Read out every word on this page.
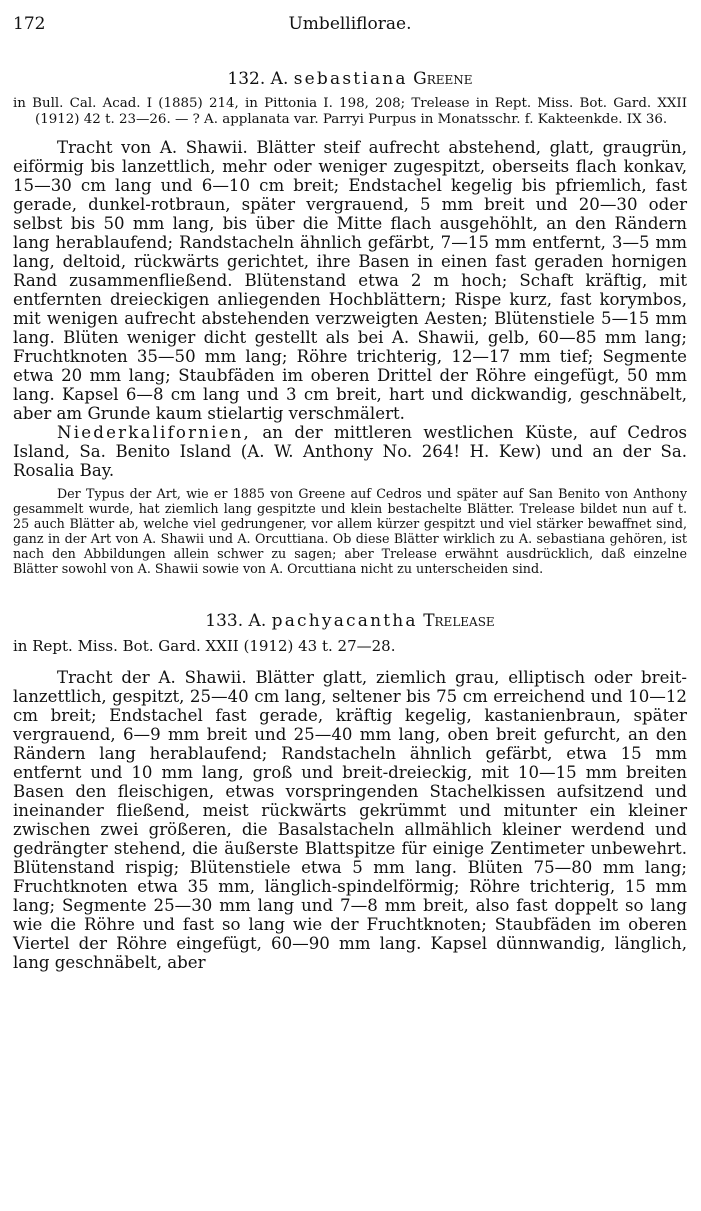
172	Umbelliflorae.
132. A. sebastiana Greene

in Bull. Cal. Acad. I (1885) 214, in Pittonia I. 198, 208; Trelease in Rept. Miss. Bot. Gard. XXII (1912) 42 t. 23—26. — ? A. applanata var. Parryi Purpus in Monatsschr. f. Kakteenkde. IX 36.

Tracht von A. Shawii. Blätter steif aufrecht abstehend, glatt, graugrün, eiförmig bis lanzettlich, mehr oder weniger zugespitzt, oberseits flach konkav, 15—30 cm lang und 6—10 cm breit; Endstachel kegelig bis pfriemlich, fast gerade, dunkel-rotbraun, später vergrauend, 5 mm breit und 20—30 oder selbst bis 50 mm lang, bis über die Mitte flach ausgehöhlt, an den Rändern lang herablaufend; Randstacheln ähnlich gefärbt, 7—15 mm entfernt, 3—5 mm lang, deltoid, rückwärts gerichtet, ihre Basen in einen fast geraden hornigen Rand zusammenfließend. Blütenstand etwa 2 m hoch; Schaft kräftig, mit entfernten dreieckigen anliegenden Hochblättern; Rispe kurz, fast korymbos, mit wenigen aufrecht abstehenden verzweigten Aesten; Blütenstiele 5—15 mm lang. Blüten weniger dicht gestellt als bei A. Shawii, gelb, 60—85 mm lang; Fruchtknoten 35—50 mm lang; Röhre trichterig, 12—17 mm tief; Segmente etwa 20 mm lang; Staubfäden im oberen Drittel der Röhre eingefügt, 50 mm lang. Kapsel 6—8 cm lang und 3 cm breit, hart und dickwandig, geschnäbelt, aber am Grunde kaum stielartig verschmälert.

Niederkalifornien, an der mittleren westlichen Küste, auf Cedros Island, Sa. Benito Island (A. W. Anthony No. 264! H. Kew) und an der Sa. Rosalia Bay.

Der Typus der Art, wie er 1885 von Greene auf Cedros und später auf San Benito von Anthony gesammelt wurde, hat ziemlich lang gespitzte und klein bestachelte Blätter. Trelease bildet nun auf t. 25 auch Blätter ab, welche viel gedrungener, vor allem kürzer gespitzt und viel stärker bewaffnet sind, ganz in der Art von A. Shawii und A. Orcuttiana. Ob diese Blätter wirklich zu A. sebastiana gehören, ist nach den Abbildungen allein schwer zu sagen; aber Trelease erwähnt ausdrücklich, daß einzelne Blätter sowohl von A. Shawii sowie von A. Orcuttiana nicht zu unterscheiden sind.

133. A. pachyacantha Trelease

in Rept. Miss. Bot. Gard. XXII (1912) 43 t. 27—28.

Tracht der A. Shawii. Blätter glatt, ziemlich grau, elliptisch oder breit-lanzettlich, gespitzt, 25—40 cm lang, seltener bis 75 cm erreichend und 10—12 cm breit; Endstachel fast gerade, kräftig kegelig, kastanienbraun, später vergrauend, 6—9 mm breit und 25—40 mm lang, oben breit gefurcht, an den Rändern lang herablaufend; Randstacheln ähnlich gefärbt, etwa 15 mm entfernt und 10 mm lang, groß und breit-dreieckig, mit 10—15 mm breiten Basen den fleischigen, etwas vorspringenden Stachelkissen aufsitzend und ineinander fließend, meist rückwärts gekrümmt und mitunter ein kleiner zwischen zwei größeren, die Basalstacheln allmählich kleiner werdend und gedrängter stehend, die äußerste Blattspitze für einige Zentimeter unbewehrt. Blütenstand rispig; Blütenstiele etwa 5 mm lang. Blüten 75—80 mm lang; Fruchtknoten etwa 35 mm, länglich-spindelförmig; Röhre trichterig, 15 mm lang; Segmente 25—30 mm lang und 7—8 mm breit, also fast doppelt so lang wie die Röhre und fast so lang wie der Fruchtknoten; Staubfäden im oberen Viertel der Röhre eingefügt, 60—90 mm lang. Kapsel dünnwandig, länglich, lang geschnäbelt, aber
